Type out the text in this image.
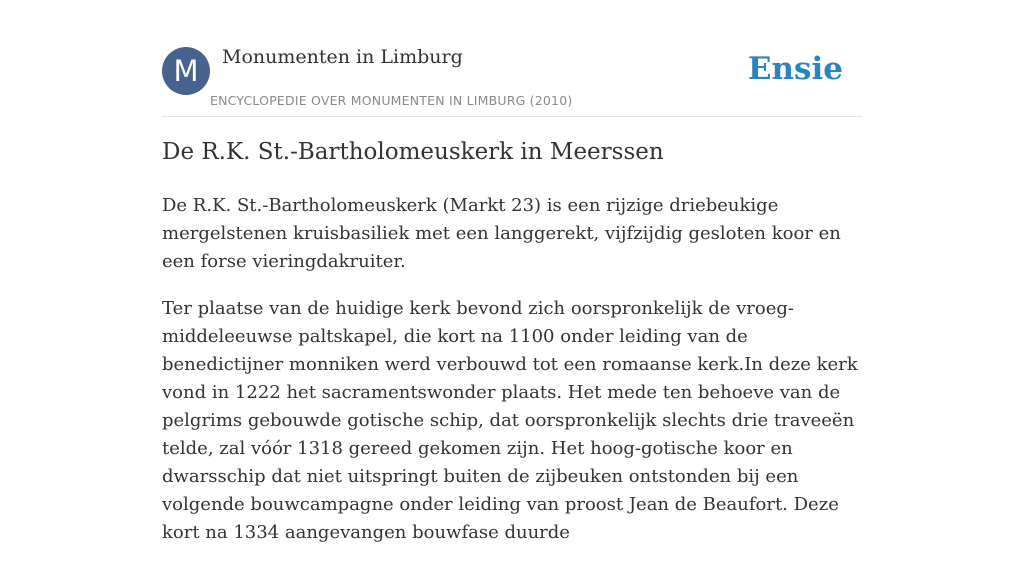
M	Monumenten in Limburg
ENCYCLOPEDIE OVER MONUMENTEN IN LIMBURG (2010)
Ensie
De R.K. St.-Bartholomeuskerk in Meerssen

De R.K. St.-Bartholomeuskerk (Markt 23) is een rijzige driebeukige mergelstenen kruisbasiliek met een langgerekt, vijfzijdig gesloten koor en een forse vieringdakruiter.

Ter plaatse van de huidige kerk bevond zich oorspronkelijk de vroeg-middeleeuwse paltskapel, die kort na 1100 onder leiding van de benedictijner monniken werd verbouwd tot een romaanse kerk.In deze kerk vond in 1222 het sacramentswonder plaats. Het mede ten behoeve van de pelgrims gebouwde gotische schip, dat oorspronkelijk slechts drie traveeën telde, zal vóór 1318 gereed gekomen zijn. Het hoog-gotische koor en dwarsschip dat niet uitspringt buiten de zijbeuken ontstonden bij een volgende bouwcampagne onder leiding van proost Jean de Beaufort. Deze kort na 1334 aangevangen bouwfase duurde
